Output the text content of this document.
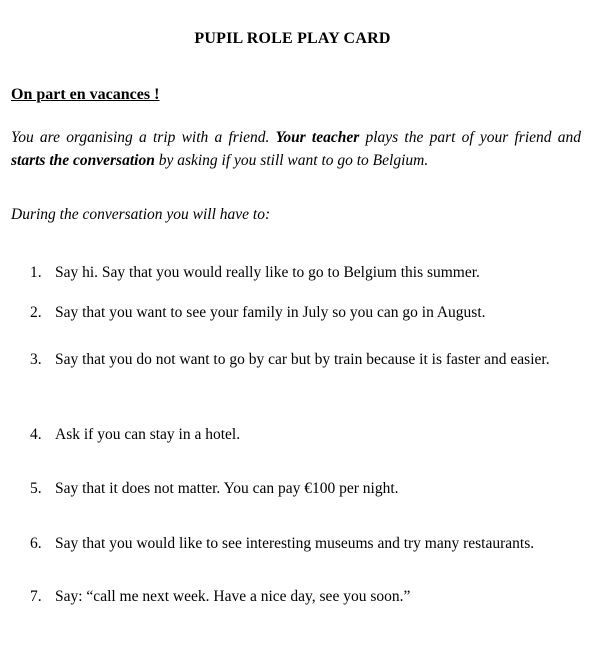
PUPIL ROLE PLAY CARD
On part en vacances !
You are organising a trip with a friend. Your teacher plays the part of your friend and starts the conversation by asking if you still want to go to Belgium.
During the conversation you will have to:
1. Say hi. Say that you would really like to go to Belgium this summer.
2. Say that you want to see your family in July so you can go in August.
3. Say that you do not want to go by car but by train because it is faster and easier.
4. Ask if you can stay in a hotel.
5. Say that it does not matter. You can pay €100 per night.
6. Say that you would like to see interesting museums and try many restaurants.
7. Say: “call me next week. Have a nice day, see you soon.”
